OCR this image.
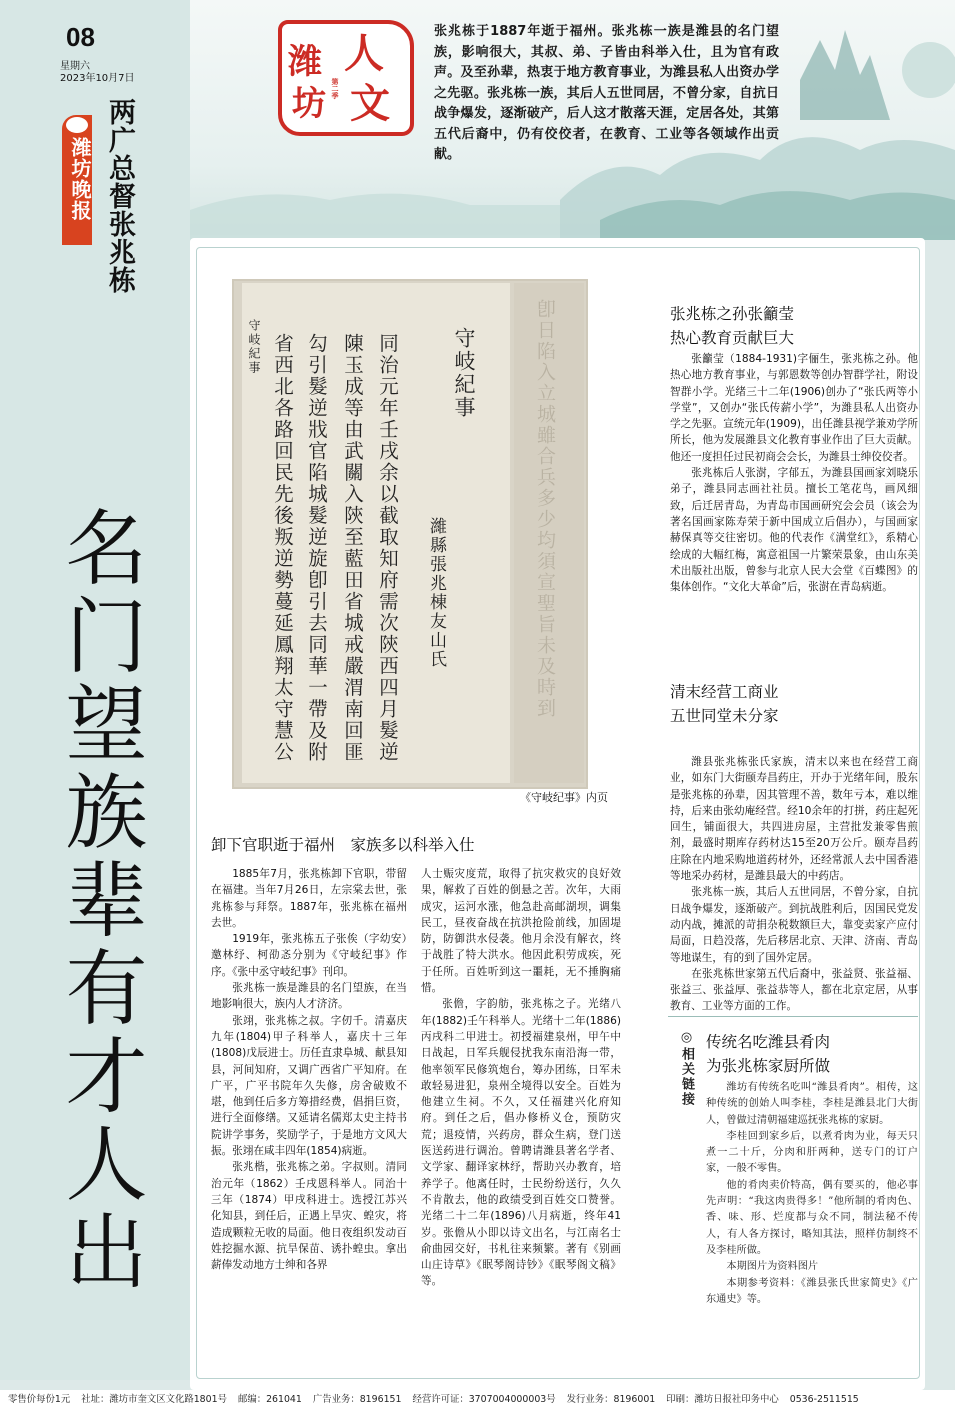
08
星期六
2023年10月7日
潍坊晚报 两广总督张兆栋
名门望族辈有才人出
潍
坊
人
文
第二季
张兆栋于1887年逝于福州。张兆栋一族是潍县的名门望族，影响很大，其叔、弟、子皆由科举入仕，且为官有政声。及至孙辈，热衷于地方教育事业，为潍县私人出资办学之先驱。张兆栋一族，其后人五世同居，不曾分家，自抗日战争爆发，逐渐破产，后人这才散落天涯，定居各处，其第五代后裔中，仍有佼佼者，在教育、工业等各领域作出贡献。
守岐紀事	守岐紀事
濰縣張兆棟友山氏
同治元年壬戌余以截取知府需次陝西四月髮逆
陳玉成等由武關入陝至藍田省城戒嚴渭南回匪
勾引髮逆戕官陷城髮逆旋卽引去同華一帶及附
省西北各路回民先後叛逆勢蔓延鳳翔太守慧公	卽日陷入立城雖合兵多少均須宣聖旨未及時到
《守岐纪事》内页
卸下官职逝于福州　家族多以科举入仕

1885年7月，张兆栋卸下官职，带留在福建。当年7月26日，左宗棠去世，张兆栋参与拜祭。1887年，张兆栋在福州去世。

1919年，张兆栋五子张俟（字幼安）邀林纾、柯劭忞分别为《守岐纪事》作序。《张中丞守岐纪事》刊印。

张兆栋一族是潍县的名门望族，在当地影响很大，族内人才济济。

张翊，张兆栋之叔。字仞千。清嘉庆九年(1804)甲子科举人，嘉庆十三年(1808)戊辰进士。历任直隶阜城、献县知县，河间知府，又调广西省广平知府。在广平，广平书院年久失修，房舍破败不堪，他到任后多方筹措经费，倡捐巨资，进行全面修缮。又延请名儒郑太史主持书院讲学事务，奖励学子，于是地方文风大振。张翊在咸丰四年(1854)病逝。

张兆楷，张兆栋之弟。字叔则。清同治元年（1862）壬戌恩科举人。同治十三年（1874）甲戌科进士。选授江苏兴化知县，到任后，正遇上旱灾、蝗灾，将造成颗粒无收的局面。他日夜组织发动百姓挖掘水源、抗旱保苗、诱扑蝗虫。拿出薪俸发动地方士绅和各界

人士赈灾度荒，取得了抗灾救灾的良好效果，解救了百姓的倒悬之苦。次年，大雨成灾，运河水涨，他急赴高邮湖坝，调集民工，昼夜奋战在抗洪抢险前线，加固堤防，防御洪水侵袭。他月余没有解衣，终于战胜了特大洪水。他因此积劳成疾，死于任所。百姓听到这一噩耗，无不捶胸痛惜。

张儋，字韵舫，张兆栋之子。光绪八年(1882)壬午科举人。光绪十二年(1886)丙戌科二甲进士。初授福建泉州，甲午中日战起，日军兵舰侵扰我东南沿海一带，他率领军民修筑炮台，筹办团练，日军未敢轻易进犯，泉州全境得以安全。百姓为他建立生祠。不久，又任福建兴化府知府。到任之后，倡办修桥义仓，预防灾荒；退疫情，兴药房，群众生病，登门送医送药进行调治。曾聘请潍县著名学者、文学家、翻译家林纾，帮助兴办教育，培养学子。他离任时，士民纷纷送行，久久不肯散去，他的政绩受到百姓交口赞誉。光绪二十二年(1896)八月病逝，终年41岁。张儋从小即以诗文出名，与江南名士俞曲园交好，书札往来频繁。著有《别画山庄诗草》《眠琴阁诗钞》《眠琴阁文稿》等。

张兆栋之孙张籲莹
热心教育贡献巨大

张籲莹（1884-1931)字俪生，张兆栋之孙。他热心地方教育事业，与郭恩数等创办智群学社，附设智群小学。光绪三十二年(1906)创办了“张氏两等小学堂”，又创办“张氏传薪小学”，为潍县私人出资办学之先驱。宣统元年(1909)，出任潍县视学兼劝学所所长，他为发展潍县文化教育事业作出了巨大贡献。他还一度担任过民初商会会长，为潍县士绅佼佼者。

张兆栋后人张澍，字郁五，为潍县国画家刘晓乐弟子，潍县同志画社社员。擅长工笔花鸟，画风细致，后迁居青岛，为青岛市国画研究会会员（该会为著名国画家陈寿荣于新中国成立后倡办），与国画家赫保真等交往密切。他的代表作《满堂红》，系精心绘成的大幅红梅，寓意祖国一片繁荣景象，由山东美术出版社出版，曾参与北京人民大会堂《百蝶图》的集体创作。“文化大革命”后，张澍在青岛病逝。

清末经营工商业
五世同堂未分家

潍县张兆栋张氏家族，清末以来也在经营工商业，如东门大街颐寿昌药庄，开办于光绪年间，股东是张兆栋的孙辈，因其管理不善，数年亏本，难以维持，后来由张幼庵经营。经10余年的打拼，药庄起死回生，铺面很大，共四进房屋，主营批发兼零售煎剂，最盛时期库存药材达15至20万公斤。颐寿昌药庄除在内地采购地道药材外，还经常派人去中国香港等地采办药材，是潍县最大的中药店。

张兆栋一族，其后人五世同居，不曾分家，自抗日战争爆发，逐渐破产。到抗战胜利后，因国民党发动内战，摊派的苛捐杂税数额巨大，靠变卖家产应付局面，日趋没落，先后移居北京、天津、济南、青岛等地谋生，有的到了国外定居。

在张兆栋世家第五代后裔中，张益贤、张益福、张益三、张益厚、张益恭等人，都在北京定居，从事教育、工业等方面的工作。

◎相关链接 传统名吃潍县肴肉
为张兆栋家厨所做

潍坊有传统名吃叫“潍县肴肉”。相传，这种传统的创始人叫李桂，李桂是潍县北门大街人，曾做过清朝福建巡抚张兆栋的家厨。

李桂回到家乡后，以煮肴肉为业，每天只煮一二十斤，分肉和肝两种，送专门的订户家，一般不零售。

他的肴肉卖价特高，偶有要买的，他必事先声明：“我这肉贵得多！”他所制的肴肉色、香、味、形、烂度都与众不同，制法秘不传人，有人各方探讨，略知其法，照样仿制终不及李桂所做。

本期图片为资料图片

本期参考资料：《潍县张氏世家简史》《广东通史》等。

零售价每份1元 社址：潍坊市奎文区文化路1801号 邮编：261041 广告业务：8196151 经营许可证：3707004000003号 发行业务：8196001 印刷：潍坊日报社印务中心 0536-2511515
